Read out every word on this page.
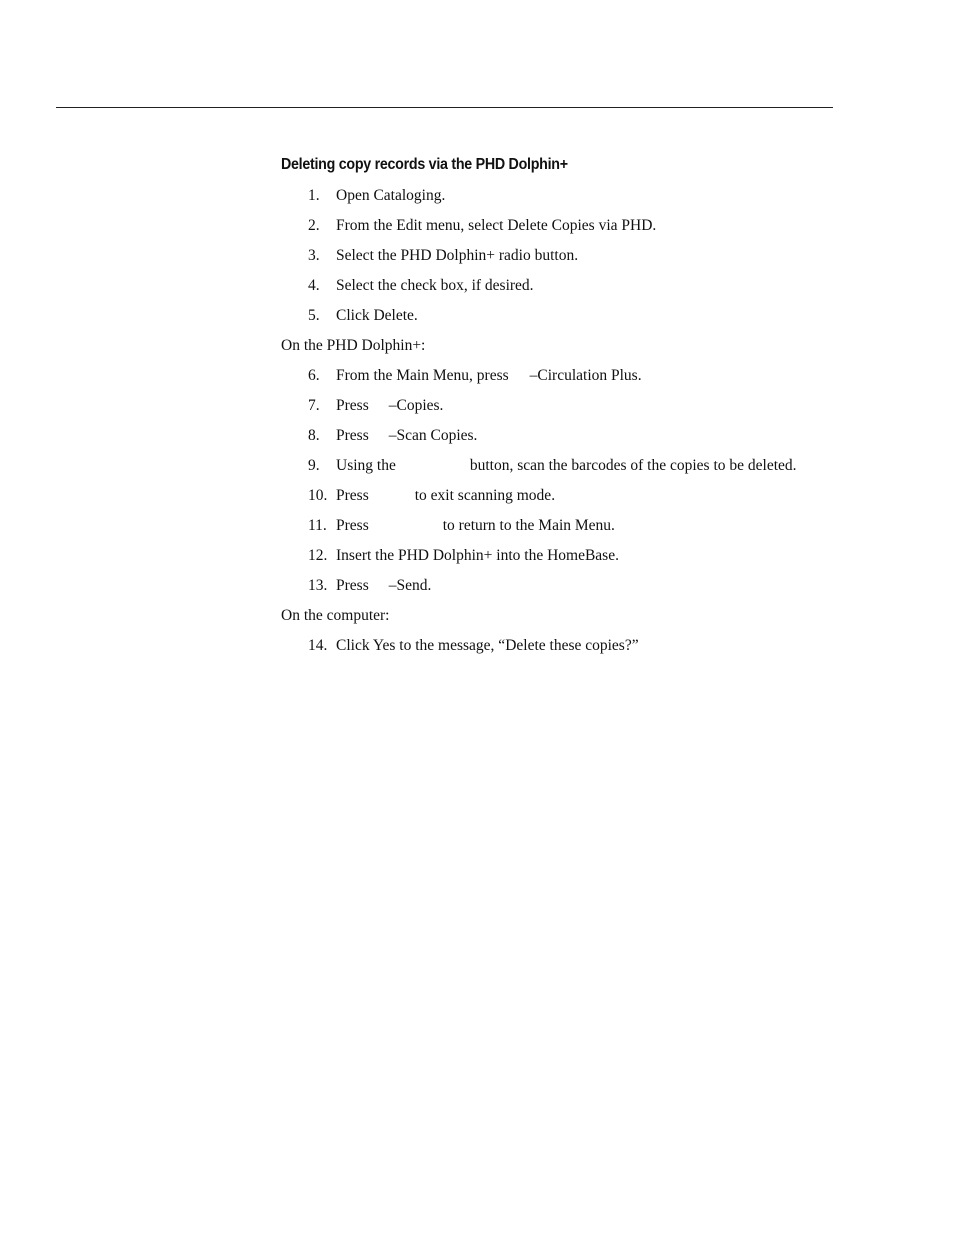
Deleting copy records via the PHD Dolphin+
1. Open Cataloging.
2. From the Edit menu, select Delete Copies via PHD.
3. Select the PHD Dolphin+ radio button.
4. Select the check box, if desired.
5. Click Delete.
On the PHD Dolphin+:
6. From the Main Menu, press –Circulation Plus.
7. Press –Copies.
8. Press –Scan Copies.
9. Using the	button, scan the barcodes of the copies to be deleted.
10. Press	to exit scanning mode.
11. Press	to return to the Main Menu.
12. Insert the PHD Dolphin+ into the HomeBase.
13. Press –Send.
On the computer:
14. Click Yes to the message, “Delete these copies?”
